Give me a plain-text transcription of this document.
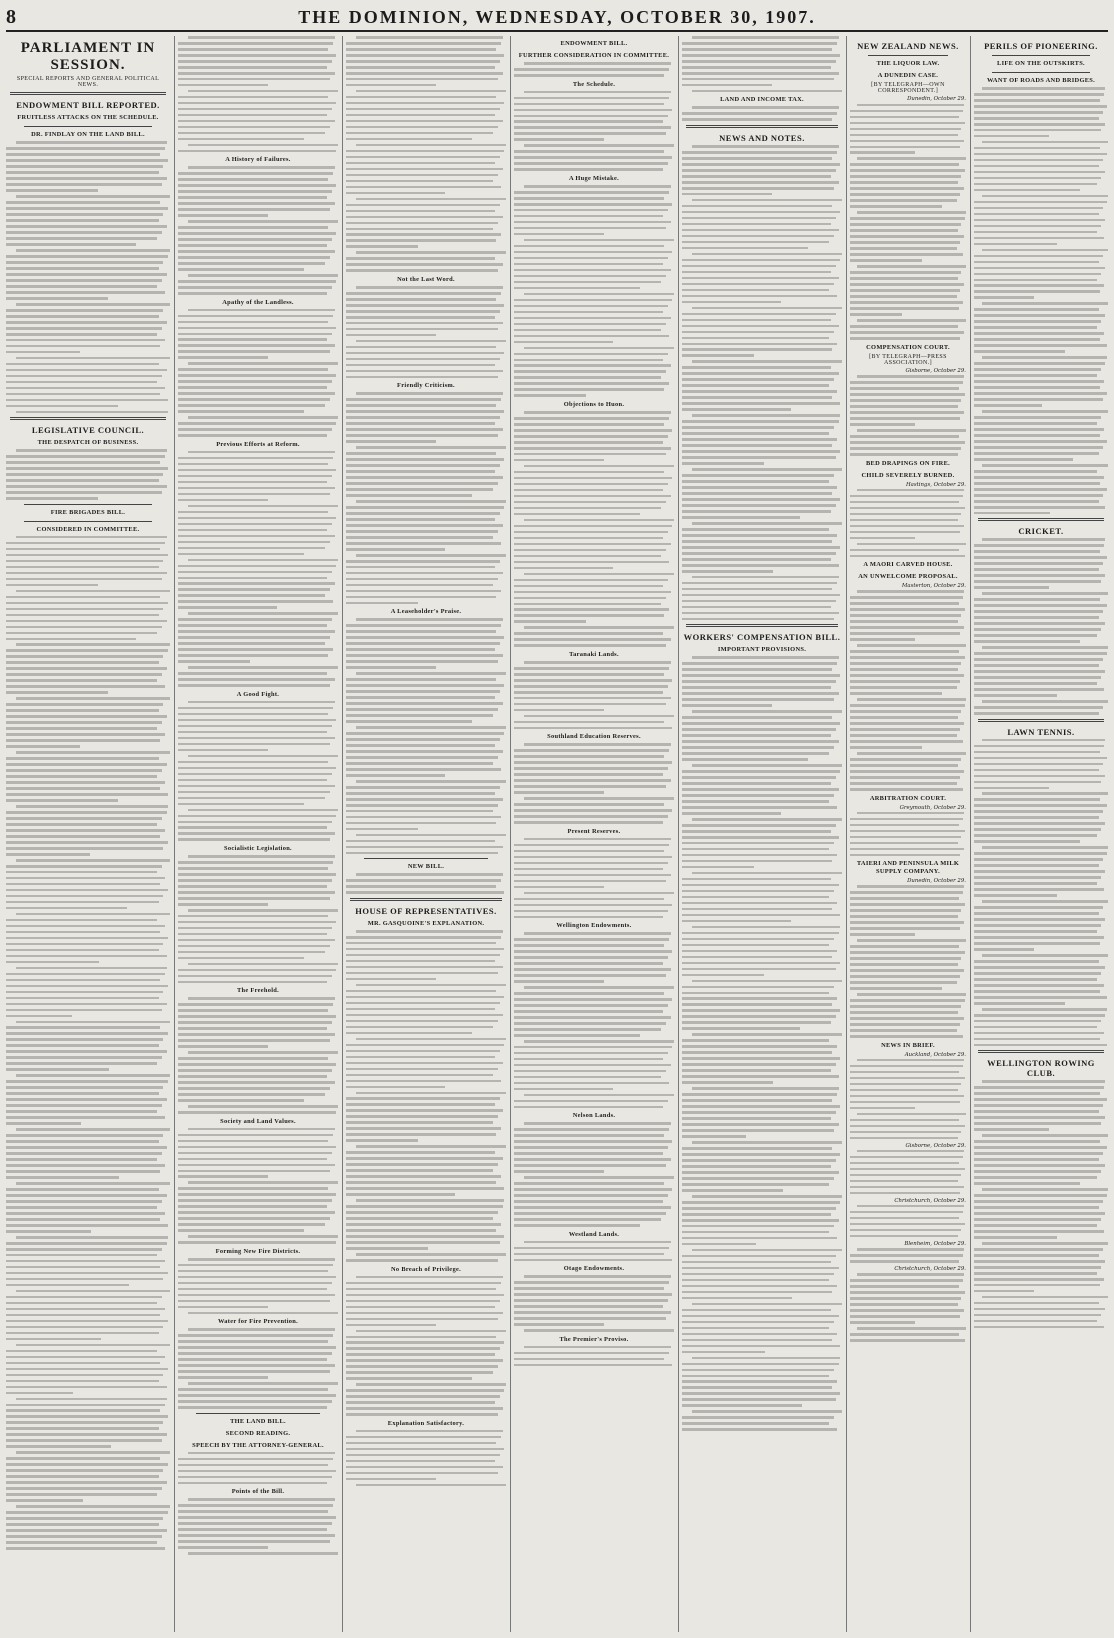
8	THE DOMINION, WEDNESDAY, OCTOBER 30, 1907.
PARLIAMENT IN SESSION.
SPECIAL REPORTS AND GENERAL POLITICAL NEWS.
ENDOWMENT BILL REPORTED.
FRUITLESS ATTACKS ON THE SCHEDULE.
DR. FINDLAY ON THE LAND BILL.
LEGISLATIVE COUNCIL.
THE DESPATCH OF BUSINESS.
FIRE BRIGADES BILL.
CONSIDERED IN COMMITTEE.
A History of Failures.
Apathy of the Landless.
Previous Efforts at Reform.
A Good Fight.
Socialistic Legislation.
The Freehold.
Society and Land Values.
Forming New Fire Districts.
Water for Fire Prevention.
THE LAND BILL.
SECOND READING.
SPEECH BY THE ATTORNEY-GENERAL.
Points of the Bill.
Not the Last Word.
Friendly Criticism.
A Leaseholder's Praise.
NEW BILL.
HOUSE OF REPRESENTATIVES.
MR. GASQUOINE'S EXPLANATION.
No Breach of Privilege.
Explanation Satisfactory.
ENDOWMENT BILL.
FURTHER CONSIDERATION IN COMMITTEE.
The Schedule.
A Huge Mistake.
Objections to Huon.
Taranaki Lands.
Southland Education Reserves.
Present Reserves.
Wellington Endowments.
Nelson Lands.
Westland Lands.
Otago Endowments.
The Premier's Proviso.
LAND AND INCOME TAX.
NEWS AND NOTES.
WORKERS' COMPENSATION BILL.
IMPORTANT PROVISIONS.
NEW ZEALAND NEWS.
THE LIQUOR LAW.
A DUNEDIN CASE.
[BY TELEGRAPH—OWN CORRESPONDENT.]
Dunedin, October 29.
COMPENSATION COURT.
[BY TELEGRAPH—PRESS ASSOCIATION.]
Gisborne, October 29.
BED DRAPINGS ON FIRE.
CHILD SEVERELY BURNED.
Hastings, October 29.
A MAORI CARVED HOUSE.
AN UNWELCOME PROPOSAL.
Masterton, October 29.
ARBITRATION COURT.
Greymouth, October 29.
TAIERI AND PENINSULA MILK SUPPLY COMPANY.
Dunedin, October 29.
NEWS IN BRIEF.
Auckland, October 29.
Gisborne, October 29.
Christchurch, October 29.
Blenheim, October 29.
Christchurch, October 29.
PERILS OF PIONEERING.
LIFE ON THE OUTSKIRTS.
WANT OF ROADS AND BRIDGES.
CRICKET.
LAWN TENNIS.
WELLINGTON ROWING CLUB.
